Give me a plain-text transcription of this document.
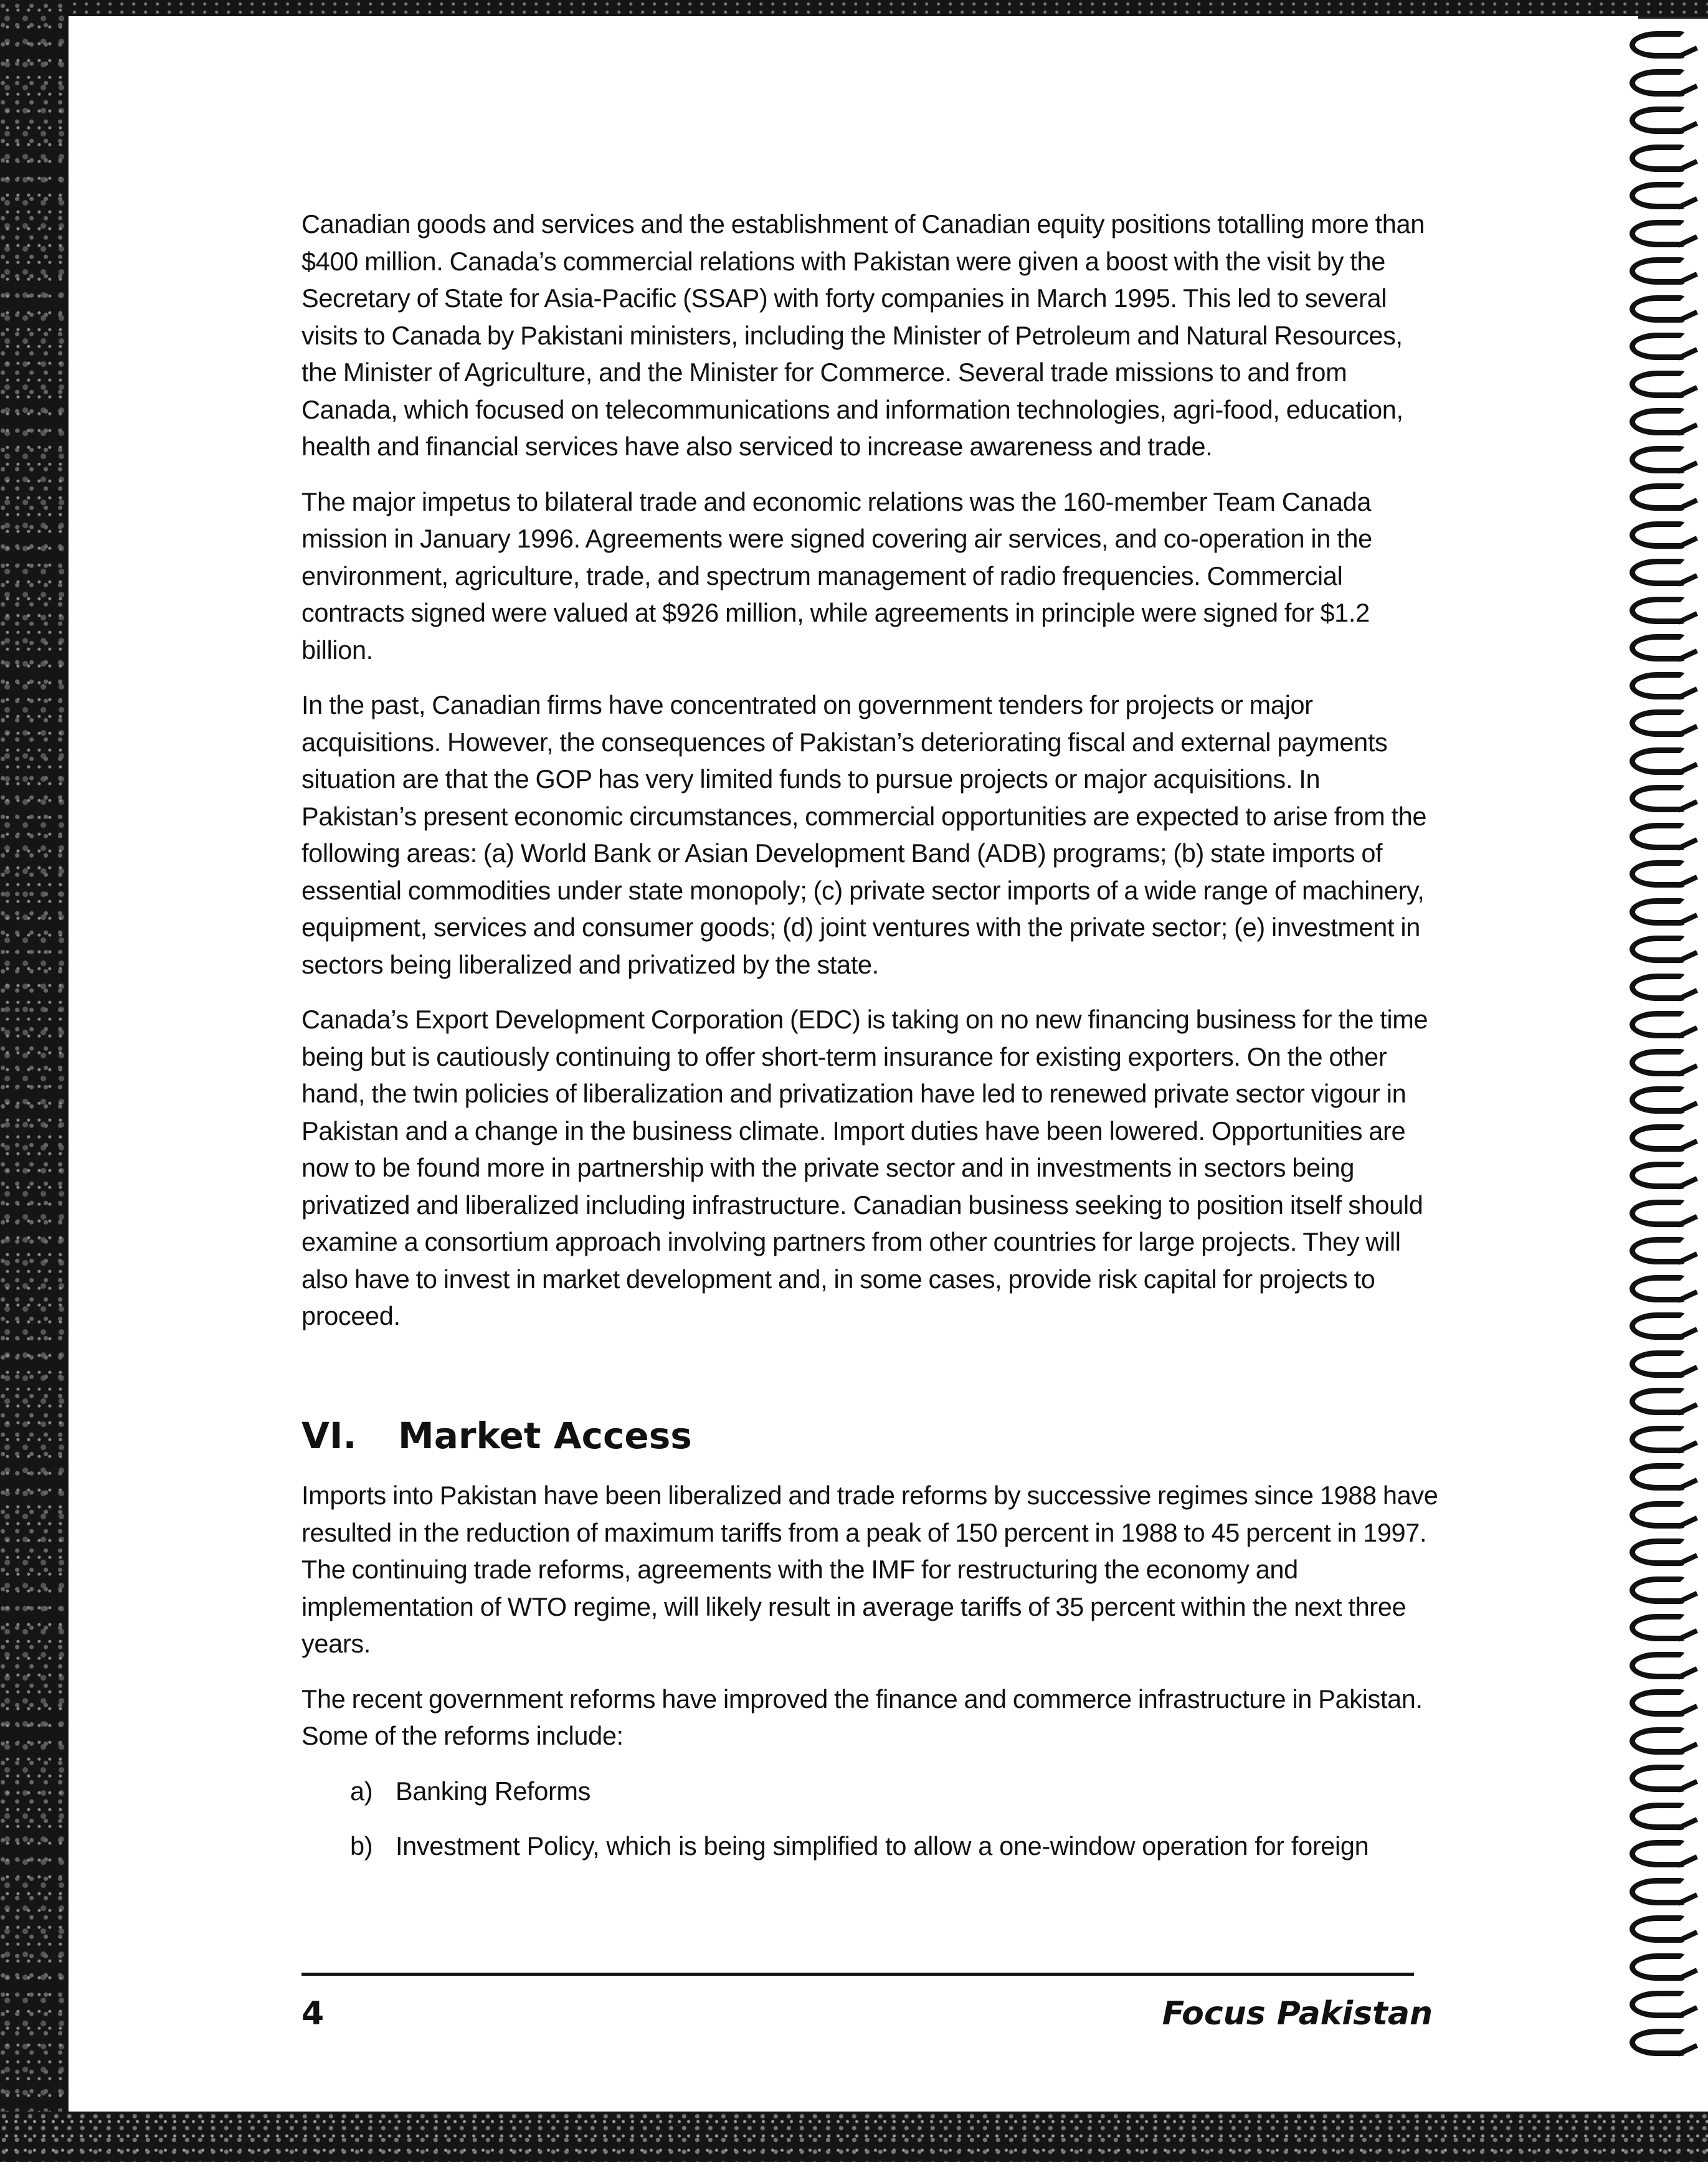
Canadian goods and services and the establishment of Canadian equity positions totalling more than $400 million. Canada’s commercial relations with Pakistan were given a boost with the visit by the Secretary of State for Asia-Pacific (SSAP) with forty companies in March 1995. This led to several visits to Canada by Pakistani ministers, including the Minister of Petroleum and Natural Resources, the Minister of Agriculture, and the Minister for Commerce. Several trade missions to and from Canada, which focused on telecommunications and information technologies, agri-food, education, health and financial services have also serviced to increase awareness and trade.

The major impetus to bilateral trade and economic relations was the 160-member Team Canada mission in January 1996. Agreements were signed covering air services, and co-operation in the environment, agriculture, trade, and spectrum management of radio frequencies. Commercial contracts signed were valued at $926 million, while agreements in principle were signed for $1.2 billion.

In the past, Canadian firms have concentrated on government tenders for projects or major acquisitions. However, the consequences of Pakistan’s deteriorating fiscal and external payments situation are that the GOP has very limited funds to pursue projects or major acquisitions. In Pakistan’s present economic circumstances, commercial opportunities are expected to arise from the following areas: (a) World Bank or Asian Development Band (ADB) programs; (b) state imports of essential commodities under state monopoly; (c) private sector imports of a wide range of machinery, equipment, services and consumer goods; (d) joint ventures with the private sector; (e) investment in sectors being liberalized and privatized by the state.

Canada’s Export Development Corporation (EDC) is taking on no new financing business for the time being but is cautiously continuing to offer short-term insurance for existing exporters. On the other hand, the twin policies of liberalization and privatization have led to renewed private sector vigour in Pakistan and a change in the business climate. Import duties have been lowered. Opportunities are now to be found more in partnership with the private sector and in investments in sectors being privatized and liberalized including infrastructure. Canadian business seeking to position itself should examine a consortium approach involving partners from other countries for large projects. They will also have to invest in market development and, in some cases, provide risk capital for projects to proceed.

VI. Market Access

Imports into Pakistan have been liberalized and trade reforms by successive regimes since 1988 have resulted in the reduction of maximum tariffs from a peak of 150 percent in 1988 to 45 percent in 1997. The continuing trade reforms, agreements with the IMF for restructuring the economy and implementation of WTO regime, will likely result in average tariffs of 35 percent within the next three years.

The recent government reforms have improved the finance and commerce infrastructure in Pakistan. Some of the reforms include:

a) Banking Reforms
b) Investment Policy, which is being simplified to allow a one-window operation for foreign
4	Focus Pakistan
